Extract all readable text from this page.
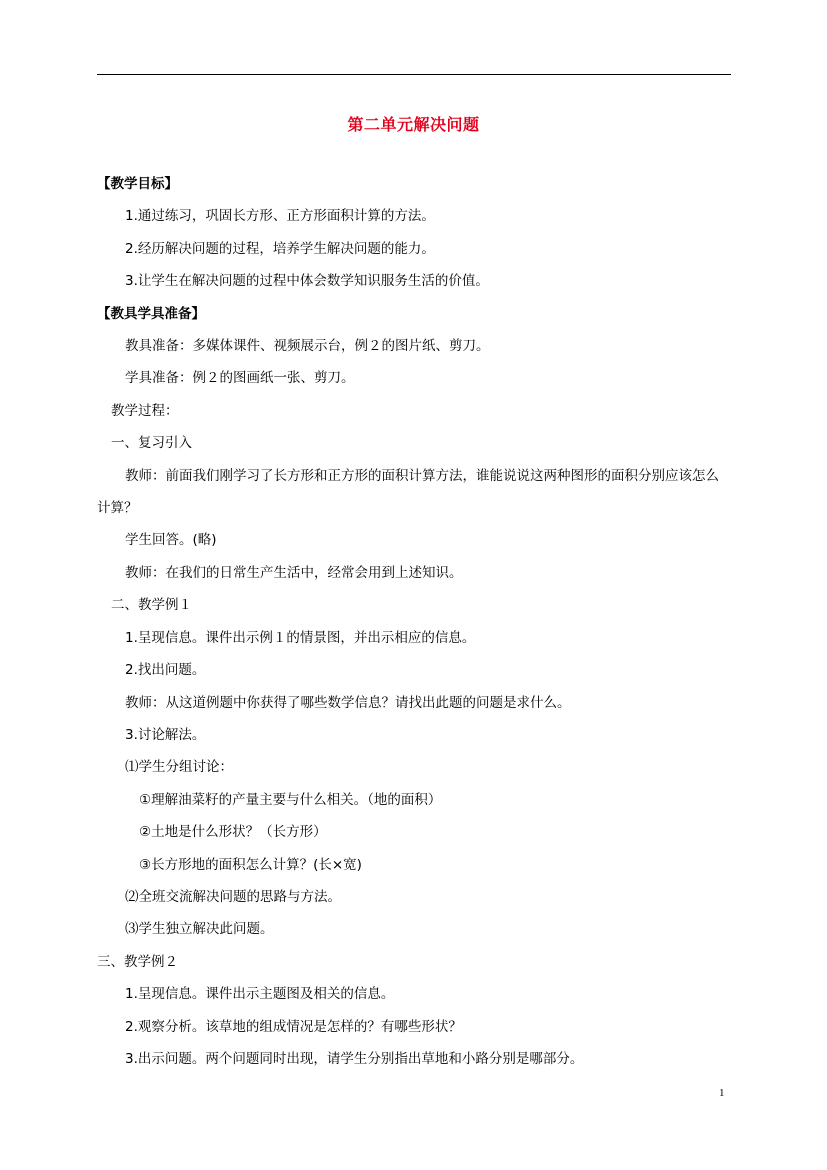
第二单元解决问题

【教学目标】

1.通过练习，巩固长方形、正方形面积计算的方法。

2.经历解决问题的过程，培养学生解决问题的能力。

3.让学生在解决问题的过程中体会数学知识服务生活的价值。

【教具学具准备】

教具准备：多媒体课件、视频展示台，例２的图片纸、剪刀。

学具准备：例２的图画纸一张、剪刀。

教学过程：

一、复习引入

教师：前面我们刚学习了长方形和正方形的面积计算方法，谁能说说这两种图形的面积分别应该怎么计算？

学生回答。(略)

教师：在我们的日常生产生活中，经常会用到上述知识。

二、教学例１

1.呈现信息。课件出示例１的情景图，并出示相应的信息。

2.找出问题。

教师：从这道例题中你获得了哪些数学信息？请找出此题的问题是求什么。

3.讨论解法。

⑴学生分组讨论：

①理解油菜籽的产量主要与什么相关。（地的面积）

②土地是什么形状？（长方形）

③长方形地的面积怎么计算？(长×宽)

⑵全班交流解决问题的思路与方法。

⑶学生独立解决此问题。

三、教学例２

1.呈现信息。课件出示主题图及相关的信息。

2.观察分析。该草地的组成情况是怎样的？有哪些形状？

3.出示问题。两个问题同时出现，请学生分别指出草地和小路分别是哪部分。

1
